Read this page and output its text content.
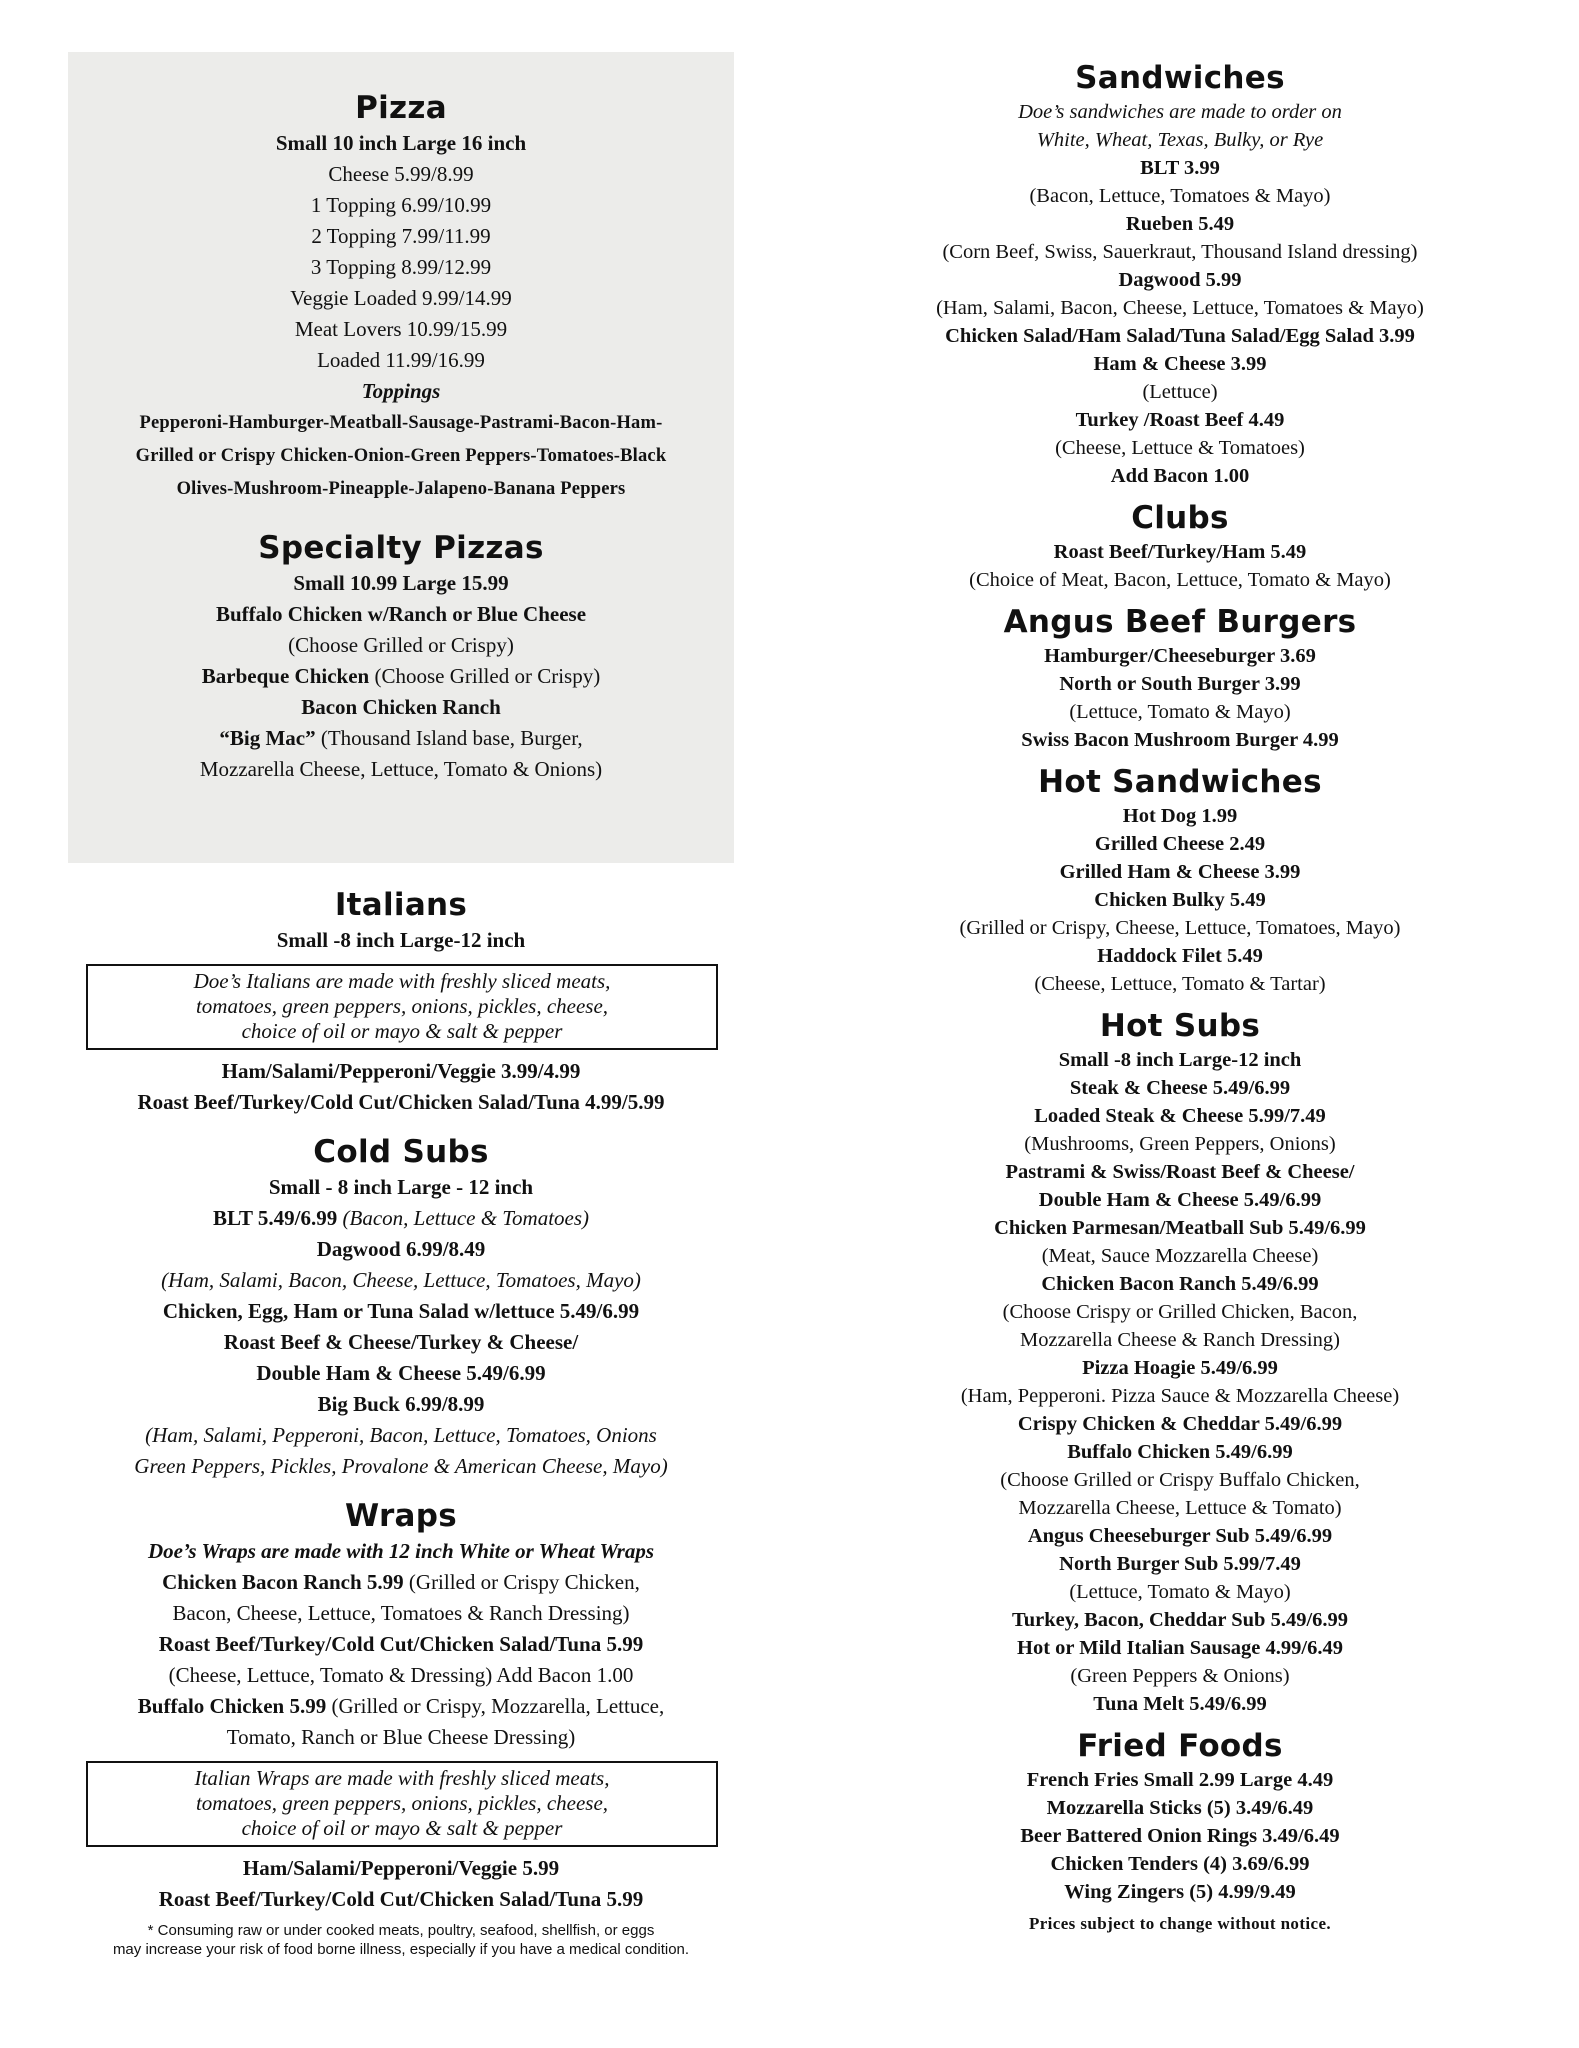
Pizza
Small 10 inch Large 16 inch
Cheese 5.99/8.99
1 Topping 6.99/10.99
2 Topping 7.99/11.99
3 Topping 8.99/12.99
Veggie Loaded 9.99/14.99
Meat Lovers 10.99/15.99
Loaded 11.99/16.99
Toppings
Pepperoni-Hamburger-Meatball-Sausage-Pastrami-Bacon-Ham-
Grilled or Crispy Chicken-Onion-Green Peppers-Tomatoes-Black
Olives-Mushroom-Pineapple-Jalapeno-Banana Peppers
Specialty Pizzas
Small 10.99 Large 15.99
Buffalo Chicken w/Ranch or Blue Cheese
(Choose Grilled or Crispy)
Barbeque Chicken (Choose Grilled or Crispy)
Bacon Chicken Ranch
“Big Mac” (Thousand Island base, Burger,
Mozzarella Cheese, Lettuce, Tomato & Onions)
Italians
Small -8 inch Large-12 inch
Doe’s Italians are made with freshly sliced meats,
tomatoes, green peppers, onions, pickles, cheese,
choice of oil or mayo & salt & pepper
Ham/Salami/Pepperoni/Veggie 3.99/4.99
Roast Beef/Turkey/Cold Cut/Chicken Salad/Tuna 4.99/5.99
Cold Subs
Small - 8 inch Large - 12 inch
BLT 5.49/6.99 (Bacon, Lettuce & Tomatoes)
Dagwood 6.99/8.49
(Ham, Salami, Bacon, Cheese, Lettuce, Tomatoes, Mayo)
Chicken, Egg, Ham or Tuna Salad w/lettuce 5.49/6.99
Roast Beef & Cheese/Turkey & Cheese/
Double Ham & Cheese 5.49/6.99
Big Buck 6.99/8.99
(Ham, Salami, Pepperoni, Bacon, Lettuce, Tomatoes, Onions
Green Peppers, Pickles, Provalone & American Cheese, Mayo)
Wraps
Doe’s Wraps are made with 12 inch White or Wheat Wraps
Chicken Bacon Ranch 5.99 (Grilled or Crispy Chicken,
Bacon, Cheese, Lettuce, Tomatoes & Ranch Dressing)
Roast Beef/Turkey/Cold Cut/Chicken Salad/Tuna 5.99
(Cheese, Lettuce, Tomato & Dressing) Add Bacon 1.00
Buffalo Chicken 5.99 (Grilled or Crispy, Mozzarella, Lettuce,
Tomato, Ranch or Blue Cheese Dressing)
Italian Wraps are made with freshly sliced meats,
tomatoes, green peppers, onions, pickles, cheese,
choice of oil or mayo & salt & pepper
Ham/Salami/Pepperoni/Veggie 5.99
Roast Beef/Turkey/Cold Cut/Chicken Salad/Tuna 5.99
* Consuming raw or under cooked meats, poultry, seafood, shellfish, or eggs
may increase your risk of food borne illness, especially if you have a medical condition.
Sandwiches
Doe’s sandwiches are made to order on
White, Wheat, Texas, Bulky, or Rye
BLT 3.99
(Bacon, Lettuce, Tomatoes & Mayo)
Rueben 5.49
(Corn Beef, Swiss, Sauerkraut, Thousand Island dressing)
Dagwood 5.99
(Ham, Salami, Bacon, Cheese, Lettuce, Tomatoes & Mayo)
Chicken Salad/Ham Salad/Tuna Salad/Egg Salad 3.99
Ham & Cheese 3.99
(Lettuce)
Turkey /Roast Beef 4.49
(Cheese, Lettuce & Tomatoes)
Add Bacon 1.00
Clubs
Roast Beef/Turkey/Ham 5.49
(Choice of Meat, Bacon, Lettuce, Tomato & Mayo)
Angus Beef Burgers
Hamburger/Cheeseburger 3.69
North or South Burger 3.99
(Lettuce, Tomato & Mayo)
Swiss Bacon Mushroom Burger 4.99
Hot Sandwiches
Hot Dog 1.99
Grilled Cheese 2.49
Grilled Ham & Cheese 3.99
Chicken Bulky 5.49
(Grilled or Crispy, Cheese, Lettuce, Tomatoes, Mayo)
Haddock Filet 5.49
(Cheese, Lettuce, Tomato & Tartar)
Hot Subs
Small -8 inch Large-12 inch
Steak & Cheese 5.49/6.99
Loaded Steak & Cheese 5.99/7.49
(Mushrooms, Green Peppers, Onions)
Pastrami & Swiss/Roast Beef & Cheese/
Double Ham & Cheese 5.49/6.99
Chicken Parmesan/Meatball Sub 5.49/6.99
(Meat, Sauce Mozzarella Cheese)
Chicken Bacon Ranch 5.49/6.99
(Choose Crispy or Grilled Chicken, Bacon,
Mozzarella Cheese & Ranch Dressing)
Pizza Hoagie 5.49/6.99
(Ham, Pepperoni. Pizza Sauce & Mozzarella Cheese)
Crispy Chicken & Cheddar 5.49/6.99
Buffalo Chicken 5.49/6.99
(Choose Grilled or Crispy Buffalo Chicken,
Mozzarella Cheese, Lettuce & Tomato)
Angus Cheeseburger Sub 5.49/6.99
North Burger Sub 5.99/7.49
(Lettuce, Tomato & Mayo)
Turkey, Bacon, Cheddar Sub 5.49/6.99
Hot or Mild Italian Sausage 4.99/6.49
(Green Peppers & Onions)
Tuna Melt 5.49/6.99
Fried Foods
French Fries Small 2.99 Large 4.49
Mozzarella Sticks (5) 3.49/6.49
Beer Battered Onion Rings 3.49/6.49
Chicken Tenders (4) 3.69/6.99
Wing Zingers (5) 4.99/9.49
Prices subject to change without notice.
